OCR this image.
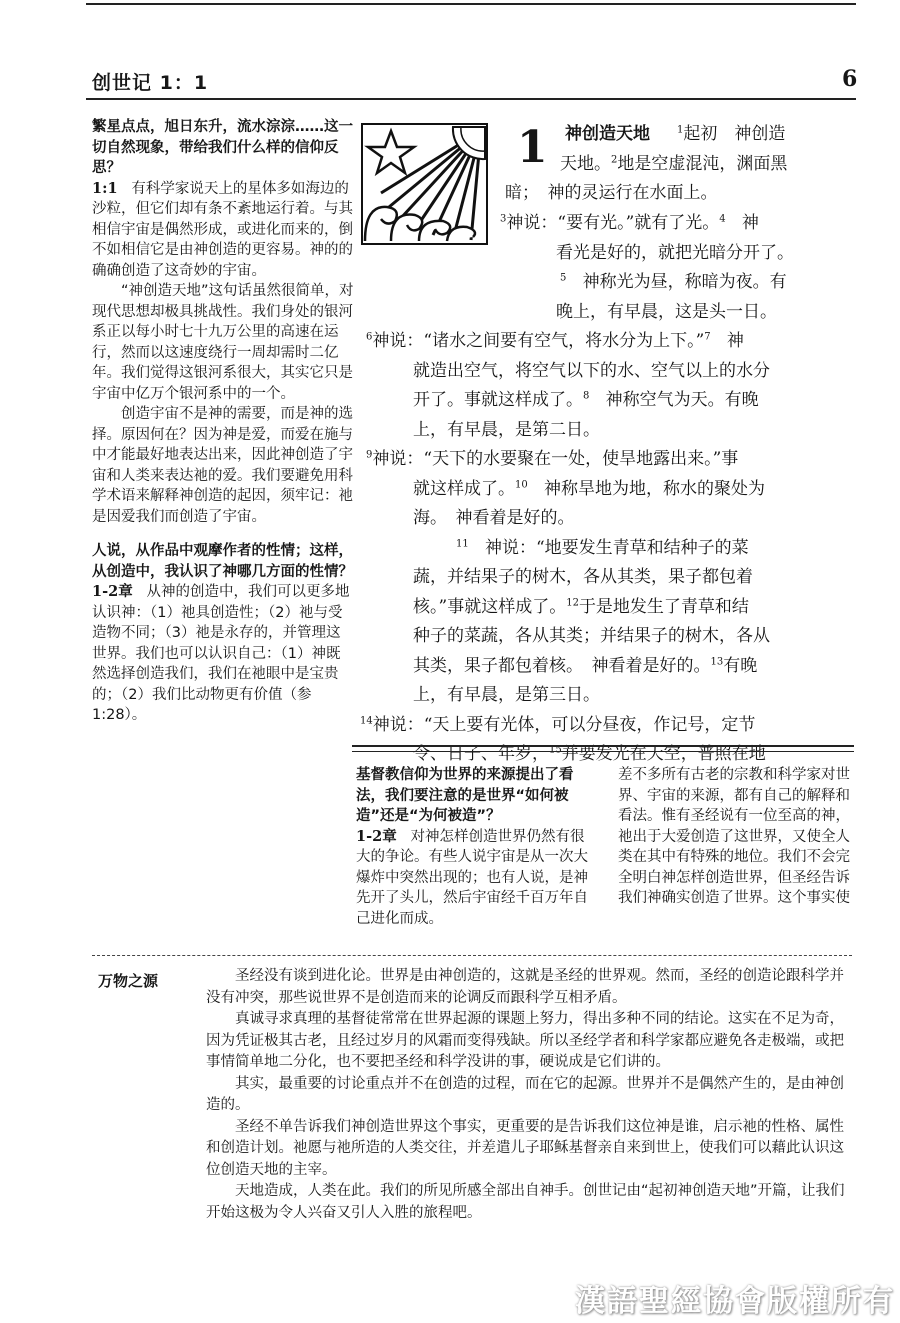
创世记 1：1	6
繁星点点，旭日东升，流水淙淙……这一切自然现象，带给我们什么样的信仰反思？
1:1 有科学家说天上的星体多如海边的沙粒，但它们却有条不紊地运行着。与其相信宇宙是偶然形成，或进化而来的，倒不如相信它是由神创造的更容易。神的的确确创造了这奇妙的宇宙。
“神创造天地”这句话虽然很简单，对现代思想却极具挑战性。我们身处的银河系正以每小时七十九万公里的高速在运行，然而以这速度绕行一周却需时二亿年。我们觉得这银河系很大，其实它只是宇宙中亿万个银河系中的一个。
创造宇宙不是神的需要，而是神的选择。原因何在？因为神是爱，而爱在施与中才能最好地表达出来，因此神创造了宇宙和人类来表达祂的爱。我们要避免用科学术语来解释神创造的起因，须牢记：祂是因爱我们而创造了宇宙。
人说，从作品中观摩作者的性情；这样，从创造中，我认识了神哪几方面的性情？
1-2章 从神的创造中，我们可以更多地认识神：（1）祂具创造性；（2）祂与受造物不同；（3）祂是永存的，并管理这世界。我们也可以认识自己：（1）神既然选择创造我们，我们在祂眼中是宝贵的；（2）我们比动物更有价值（参1:28）。
1 神创造天地	$^1$起初　神创造
天地。$^2$地是空虚混沌，渊面黑
暗；　神的灵运行在水面上。
$^3$神说：“要有光。”就有了光。$^4$ 神
看光是好的，就把光暗分开了。
$^5$ 神称光为昼，称暗为夜。有
晚上，有早晨，这是头一日。
$^6$神说：“诸水之间要有空气，将水分为上下。”$^7$ 神
就造出空气，将空气以下的水、空气以上的水分
开了。事就这样成了。$^8$ 神称空气为天。有晚
上，有早晨，是第二日。
$^9$神说：“天下的水要聚在一处，使旱地露出来。”事
就这样成了。$^{10}$ 神称旱地为地，称水的聚处为
海。　神看着是好的。
$^{11}$ 神说：“地要发生青草和结种子的菜
蔬，并结果子的树木，各从其类，果子都包着
核。”事就这样成了。$^{12}$于是地发生了青草和结
种子的菜蔬，各从其类；并结果子的树木，各从
其类，果子都包着核。　神看着是好的。$^{13}$有晚
上，有早晨，是第三日。
$^{14}$神说：“天上要有光体，可以分昼夜，作记号，定节
令、日子、年岁，$^{15}$并要发光在天空，普照在地
基督教信仰为世界的来源提出了看法，我们要注意的是世界“如何被造”还是“为何被造”？
1-2章 对神怎样创造世界仍然有很大的争论。有些人说宇宙是从一次大爆炸中突然出现的；也有人说，是神先开了头儿，然后宇宙经千百万年自己进化而成。
差不多所有古老的宗教和科学家对世界、宇宙的来源，都有自己的解释和看法。惟有圣经说有一位至高的神，祂出于大爱创造了这世界，又使全人类在其中有特殊的地位。我们不会完全明白神怎样创造世界，但圣经告诉我们神确实创造了世界。这个事实使
万物之源	圣经没有谈到进化论。世界是由神创造的，这就是圣经的世界观。然而，圣经的创造论跟科学并没有冲突，那些说世界不是创造而来的论调反而跟科学互相矛盾。

真诚寻求真理的基督徒常常在世界起源的课题上努力，得出多种不同的结论。这实在不足为奇，因为凭证极其古老，且经过岁月的风霜而变得残缺。所以圣经学者和科学家都应避免各走极端，或把事情简单地二分化，也不要把圣经和科学没讲的事，硬说成是它们讲的。

其实，最重要的讨论重点并不在创造的过程，而在它的起源。世界并不是偶然产生的，是由神创造的。

圣经不单告诉我们神创造世界这个事实，更重要的是告诉我们这位神是谁，启示祂的性格、属性和创造计划。祂愿与祂所造的人类交往，并差遣儿子耶稣基督亲自来到世上，使我们可以藉此认识这位创造天地的主宰。

天地造成，人类在此。我们的所见所感全部出自神手。创世记由“起初神创造天地”开篇，让我们开始这极为令人兴奋又引人入胜的旅程吧。

漢語聖經協會版權所有
